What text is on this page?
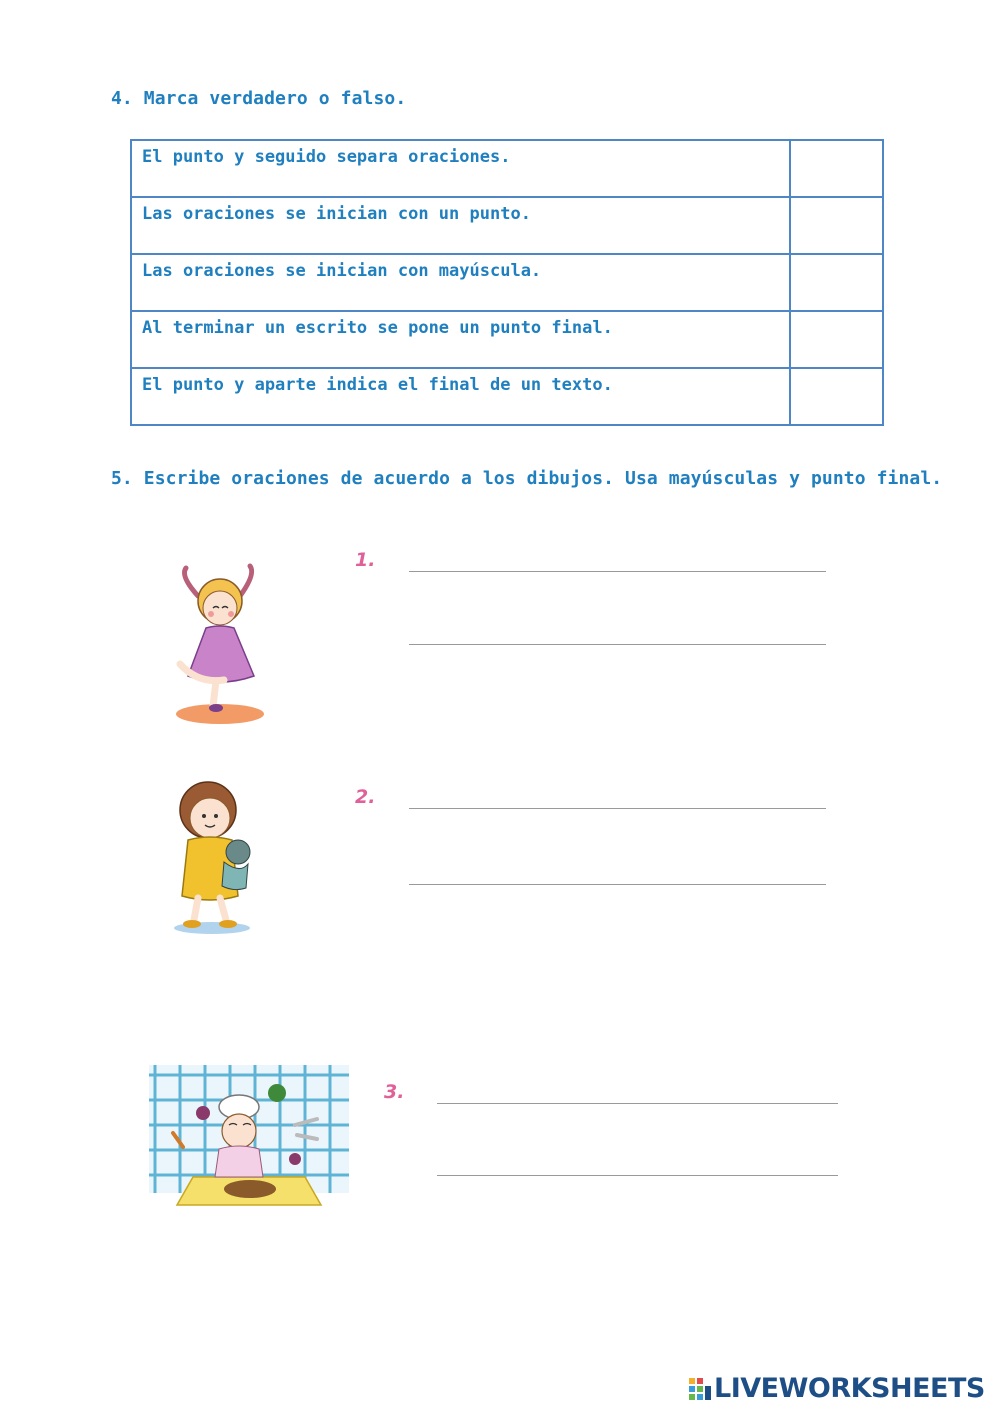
4. Marca verdadero o falso.
El punto y seguido separa oraciones.	
Las oraciones se inician con un punto.	
Las oraciones se inician con mayúscula.	
Al terminar un escrito se pone un punto final.	
El punto y aparte indica el final de un texto.	
5. Escribe oraciones de acuerdo a los dibujos. Usa mayúsculas y punto final.
1.
2.
3.
LIVEWORKSHEETS
